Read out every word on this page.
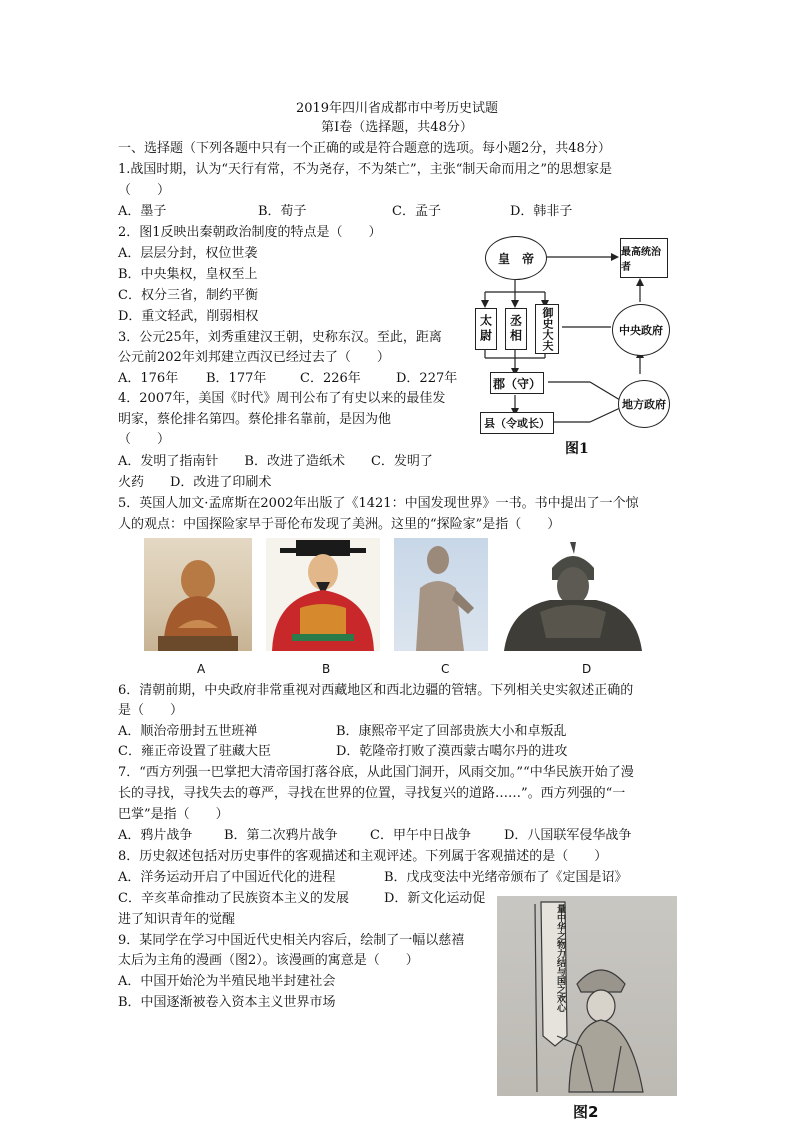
2019年四川省成都市中考历史试题
第Ⅰ卷（选择题，共48分）
一、选择题（下列各题中只有一个正确的或是符合题意的选项。每小题2分，共48分）
1.战国时期，认为“天行有常，不为尧存，不为桀亡”，主张“制天命而用之”的思想家是
（　　）
A．墨子	B．荀子	C．孟子	D．韩非子
2．图1反映出秦朝政治制度的特点是（　　）
A．层层分封，权位世袭
B．中央集权，皇权至上
C．权分三省，制约平衡
D．重文轻武，削弱相权
3．公元25年，刘秀重建汉王朝，史称东汉。至此，距离
公元前202年刘邦建立西汉已经过去了（　　）
A．176年 B．177年	C．226年	D．227年
4．2007年，美国《时代》周刊公布了有史以来的最佳发
明家，蔡伦排名第四。蔡伦排名靠前，是因为他
（　　）
A．发明了指南针　　B．改进了造纸术　　C．发明了
火药　　D．改进了印刷术
皇　帝	最高统治者
太尉	丞相	御史大夫	中央政府
郡（守）
地方政府
县（令或长）
图1
5．英国人加文·孟席斯在2002年出版了《1421：中国发现世界》一书。书中提出了一个惊
人的观点：中国探险家早于哥伦布发现了美洲。这里的“探险家”是指（　　）
A	B	C	D
6．清朝前期，中央政府非常重视对西藏地区和西北边疆的管辖。下列相关史实叙述正确的
是（　　）
A．顺治帝册封五世班禅	B．康熙帝平定了回部贵族大小和卓叛乱
C．雍正帝设置了驻藏大臣	D．乾隆帝打败了漠西蒙古噶尔丹的进攻
7．“西方列强一巴掌把大清帝国打落谷底，从此国门洞开，风雨交加。”“中华民族开始了漫
长的寻找，寻找失去的尊严，寻找在世界的位置，寻找复兴的道路……”。西方列强的“一
巴掌”是指（　　）
A．鸦片战争 B．第二次鸦片战争 C．甲午中日战争	D．八国联军侵华战争
8．历史叙述包括对历史事件的客观描述和主观评述。下列属于客观描述的是（　　）
A．洋务运动开启了中国近代化的进程	B．戊戌变法中光绪帝颁布了《定国是诏》
C．辛亥革命推动了民族资本主义的发展	D．新文化运动促
进了知识青年的觉醒
9．某同学在学习中国近代史相关内容后，绘制了一幅以慈禧
太后为主角的漫画（图2）。该漫画的寓意是（　　）
A．中国开始沦为半殖民地半封建社会
B．中国逐渐被卷入资本主义世界市场	量中华之物力结与国之欢心
图2
